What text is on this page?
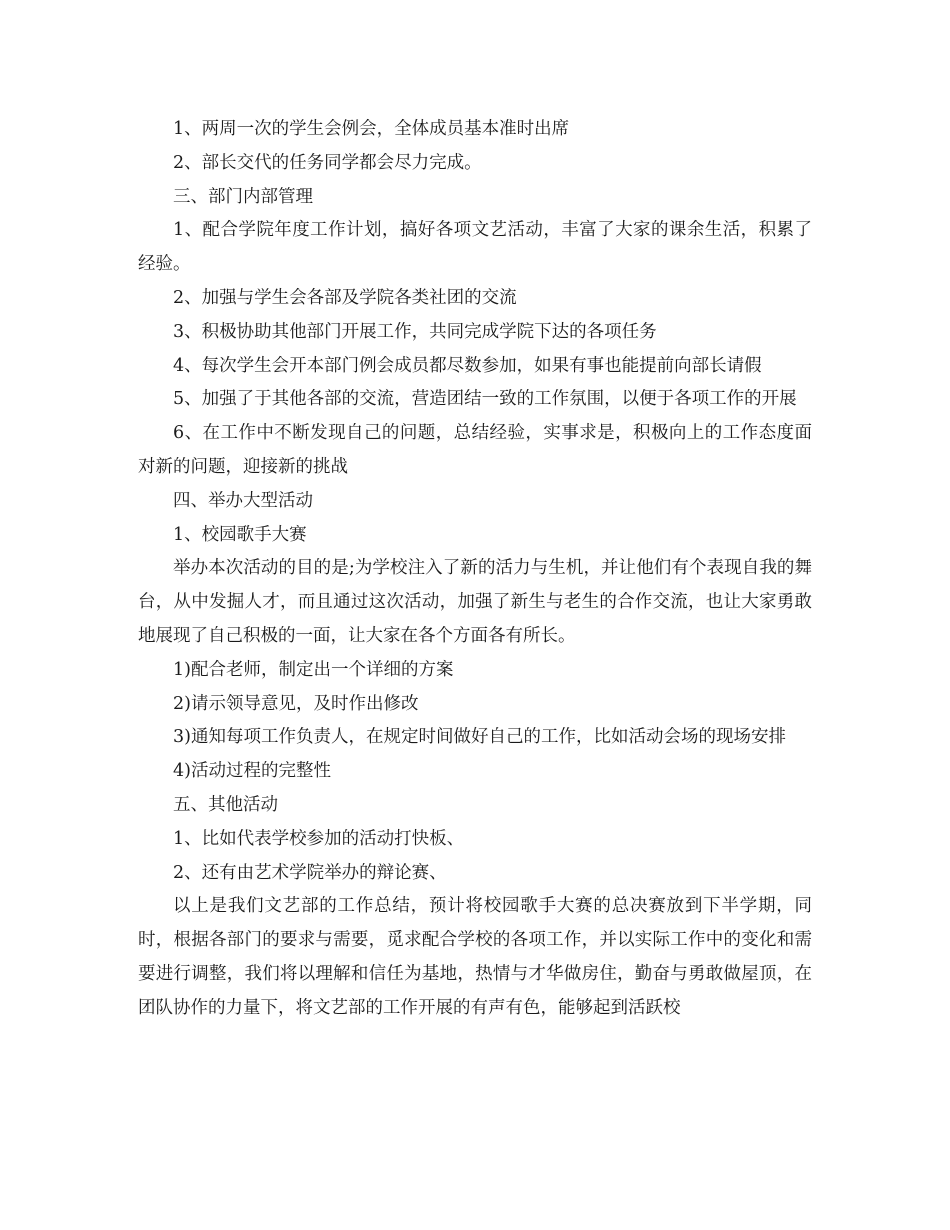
1、两周一次的学生会例会，全体成员基本准时出席

2、部长交代的任务同学都会尽力完成。

三、部门内部管理

1、配合学院年度工作计划，搞好各项文艺活动，丰富了大家的课余生活，积累了经验。

2、加强与学生会各部及学院各类社团的交流

3、积极协助其他部门开展工作，共同完成学院下达的各项任务

4、每次学生会开本部门例会成员都尽数参加，如果有事也能提前向部长请假

5、加强了于其他各部的交流，营造团结一致的工作氛围，以便于各项工作的开展

6、在工作中不断发现自己的问题，总结经验，实事求是，积极向上的工作态度面对新的问题，迎接新的挑战

四、举办大型活动

1、校园歌手大赛

举办本次活动的目的是;为学校注入了新的活力与生机，并让他们有个表现自我的舞台，从中发掘人才，而且通过这次活动，加强了新生与老生的合作交流，也让大家勇敢地展现了自己积极的一面，让大家在各个方面各有所长。

1)配合老师，制定出一个详细的方案

2)请示领导意见，及时作出修改

3)通知每项工作负责人，在规定时间做好自己的工作，比如活动会场的现场安排

4)活动过程的完整性

五、其他活动

1、比如代表学校参加的活动打快板、

2、还有由艺术学院举办的辩论赛、

以上是我们文艺部的工作总结，预计将校园歌手大赛的总决赛放到下半学期，同时，根据各部门的要求与需要，觅求配合学校的各项工作，并以实际工作中的变化和需要进行调整，我们将以理解和信任为基地，热情与才华做房住，勤奋与勇敢做屋顶，在团队协作的力量下，将文艺部的工作开展的有声有色，能够起到活跃校
